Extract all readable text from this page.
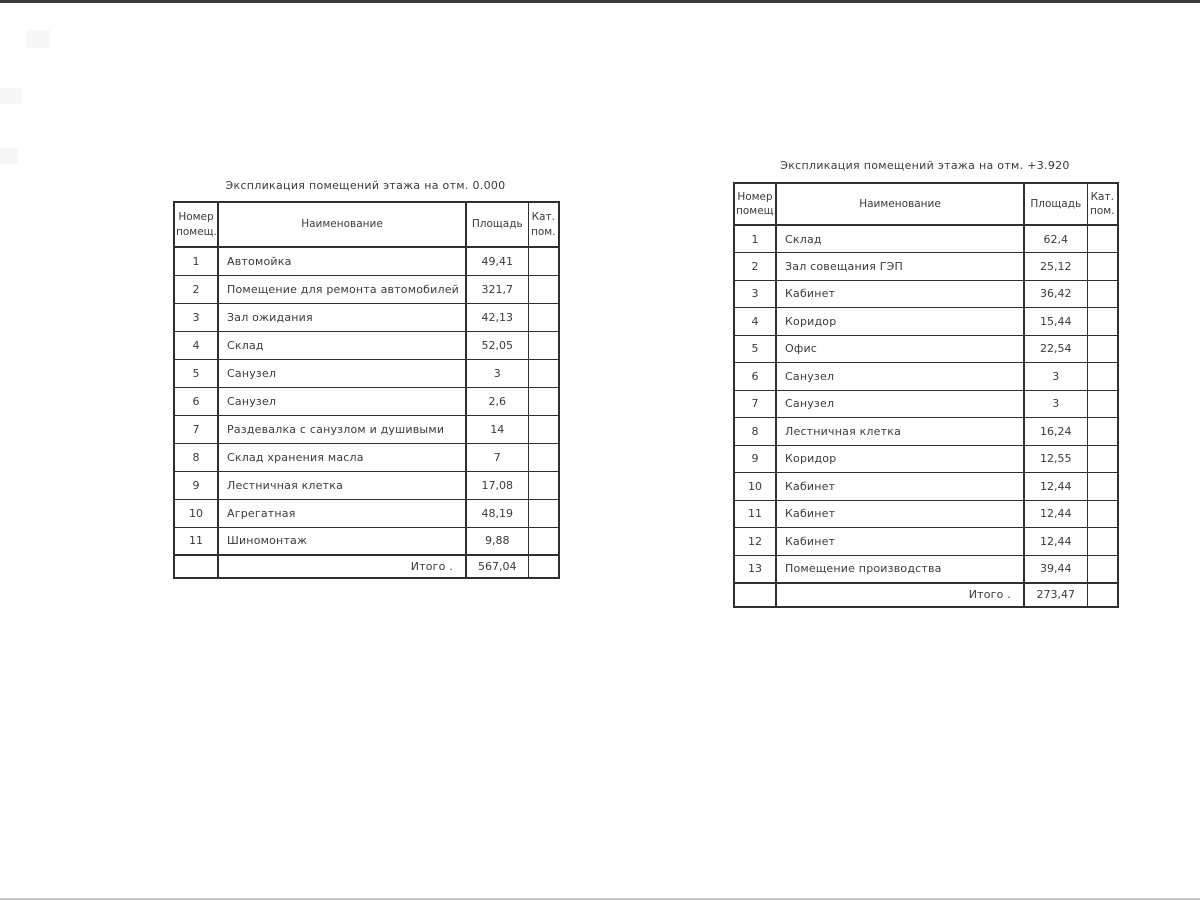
Экспликация помещений этажа на отм. 0.000
Номер помещ.	Наименование	Площадь	Кат. пом.
1	Автомойка	49,41	
2	Помещение для ремонта автомобилей	321,7	
3	Зал ожидания	42,13	
4	Склад	52,05	
5	Санузел	3	
6	Санузел	2,6	
7	Раздевалка с санузлом и душивыми	14	
8	Склад хранения масла	7	
9	Лестничная клетка	17,08	
10	Агрегатная	48,19	
11	Шиномонтаж	9,88	
	Итого .	567,04	
Экспликация помещений этажа на отм. +3.920
Номер помещ.	Наименование	Площадь	Кат. пом.
1	Склад	62,4	
2	Зал совещания ГЭП	25,12	
3	Кабинет	36,42	
4	Коридор	15,44	
5	Офис	22,54	
6	Санузел	3	
7	Санузел	3	
8	Лестничная клетка	16,24	
9	Коридор	12,55	
10	Кабинет	12,44	
11	Кабинет	12,44	
12	Кабинет	12,44	
13	Помещение производства	39,44	
	Итого .	273,47	
